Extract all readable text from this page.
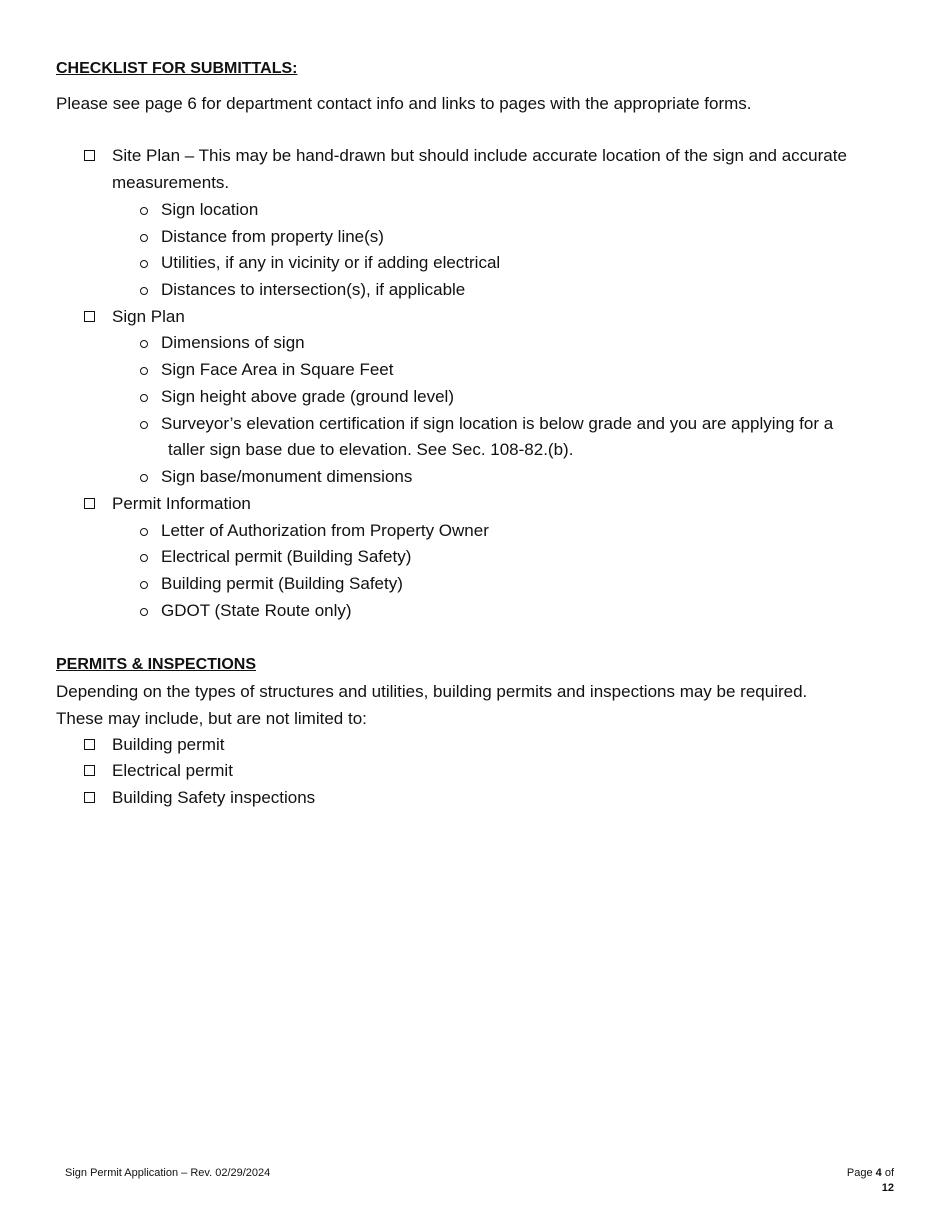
CHECKLIST FOR SUBMITTALS:
Please see page 6 for department contact info and links to pages with the appropriate forms.
Site Plan – This may be hand-drawn but should include accurate location of the sign and accurate
measurements.
Sign location
Distance from property line(s)
Utilities, if any in vicinity or if adding electrical
Distances to intersection(s), if applicable
Sign Plan
Dimensions of sign
Sign Face Area in Square Feet
Sign height above grade (ground level)
Surveyor’s elevation certification if sign location is below grade and you are applying for a
taller sign base due to elevation. See Sec. 108-82.(b).
Sign base/monument dimensions
Permit Information
Letter of Authorization from Property Owner
Electrical permit (Building Safety)
Building permit (Building Safety)
GDOT (State Route only)
PERMITS & INSPECTIONS
Depending on the types of structures and utilities, building permits and inspections may be required.
These may include, but are not limited to:
Building permit
Electrical permit
Building Safety inspections
Sign Permit Application – Rev. 02/29/2024	Page 4 of
12
